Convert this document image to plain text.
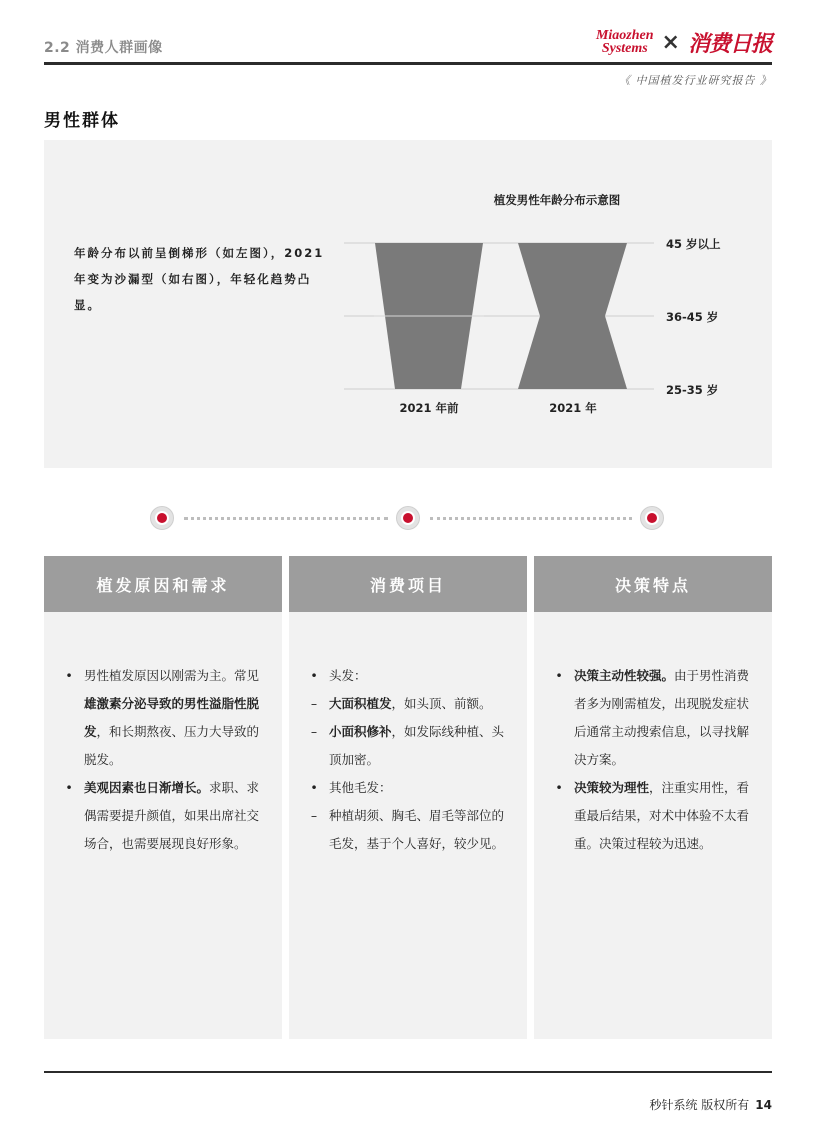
2.2 消费人群画像
Miaozhen
Systems × 消费日报
《 中国植发行业研究报告 》
男性群体
年龄分布以前呈倒梯形（如左图），2021年变为沙漏型（如右图），年轻化趋势凸显。
植发男性年龄分布示意图
45 岁以上
36-45 岁
25-35 岁
2021 年前	2021 年
植发原因和需求
• 男性植发原因以刚需为主。常见雄激素分泌导致的男性溢脂性脱发，和长期熬夜、压力大导致的脱发。
• 美观因素也日渐增长。求职、求偶需要提升颜值，如果出席社交场合，也需要展现良好形象。
消费项目
• 头发：
– 大面积植发，如头顶、前额。
– 小面积修补，如发际线种植、头顶加密。
• 其他毛发：
– 种植胡须、胸毛、眉毛等部位的毛发，基于个人喜好，较少见。
决策特点
• 决策主动性较强。由于男性消费者多为刚需植发，出现脱发症状后通常主动搜索信息，以寻找解决方案。
• 决策较为理性，注重实用性，看重最后结果，对术中体验不太看重。决策过程较为迅速。
秒针系统 版权所有 14
